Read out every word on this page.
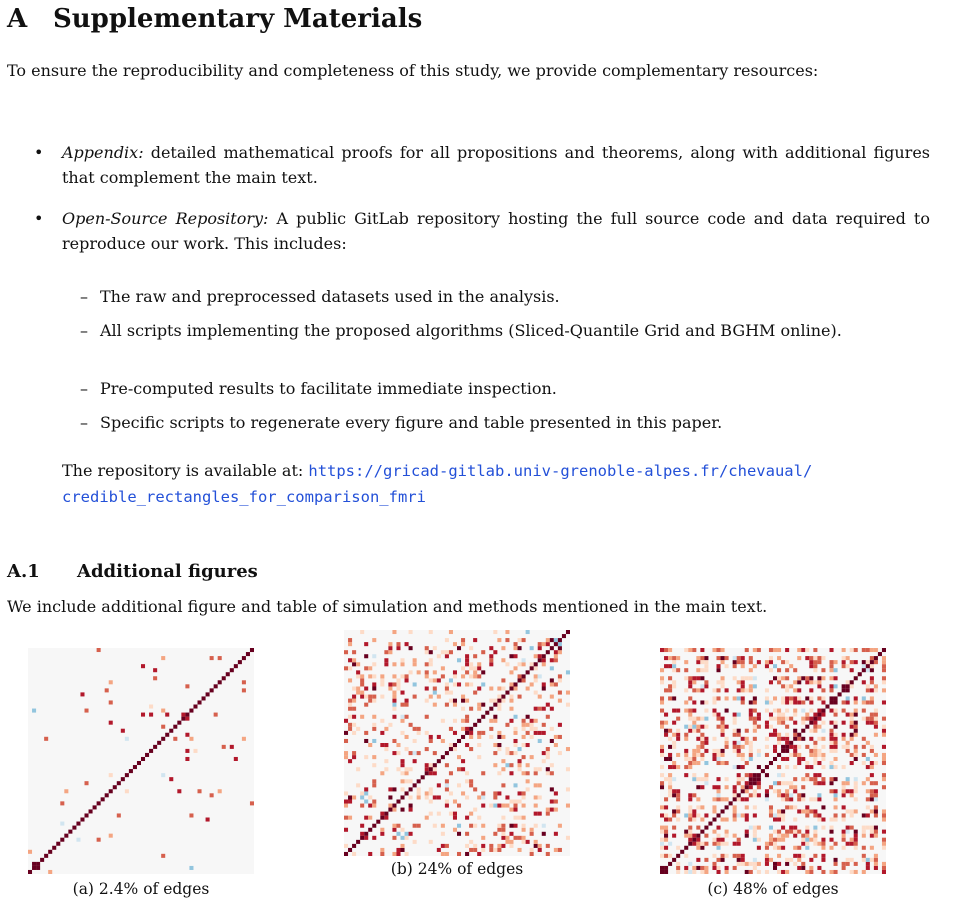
A Supplementary Materials

To ensure the reproducibility and completeness of this study, we provide complementary resources:

• Appendix: detailed mathematical proofs for all propositions and theorems, along with additional figures that complement the main text.
• Open-Source Repository: A public GitLab repository hosting the full source code and data required to reproduce our work. This includes:
– The raw and preprocessed datasets used in the analysis.
– All scripts implementing the proposed algorithms (Sliced-Quantile Grid and BGHM online).
– Pre-computed results to facilitate immediate inspection.
– Specific scripts to regenerate every figure and table presented in this paper.
The repository is available at: https://gricad-gitlab.univ-grenoble-alpes.fr/chevaual/
credible_rectangles_for_comparison_fmri
A.1 Additional figures

We include additional figure and table of simulation and methods mentioned in the main text.

(a) 2.4% of edges
(b) 24% of edges
(c) 48% of edges
